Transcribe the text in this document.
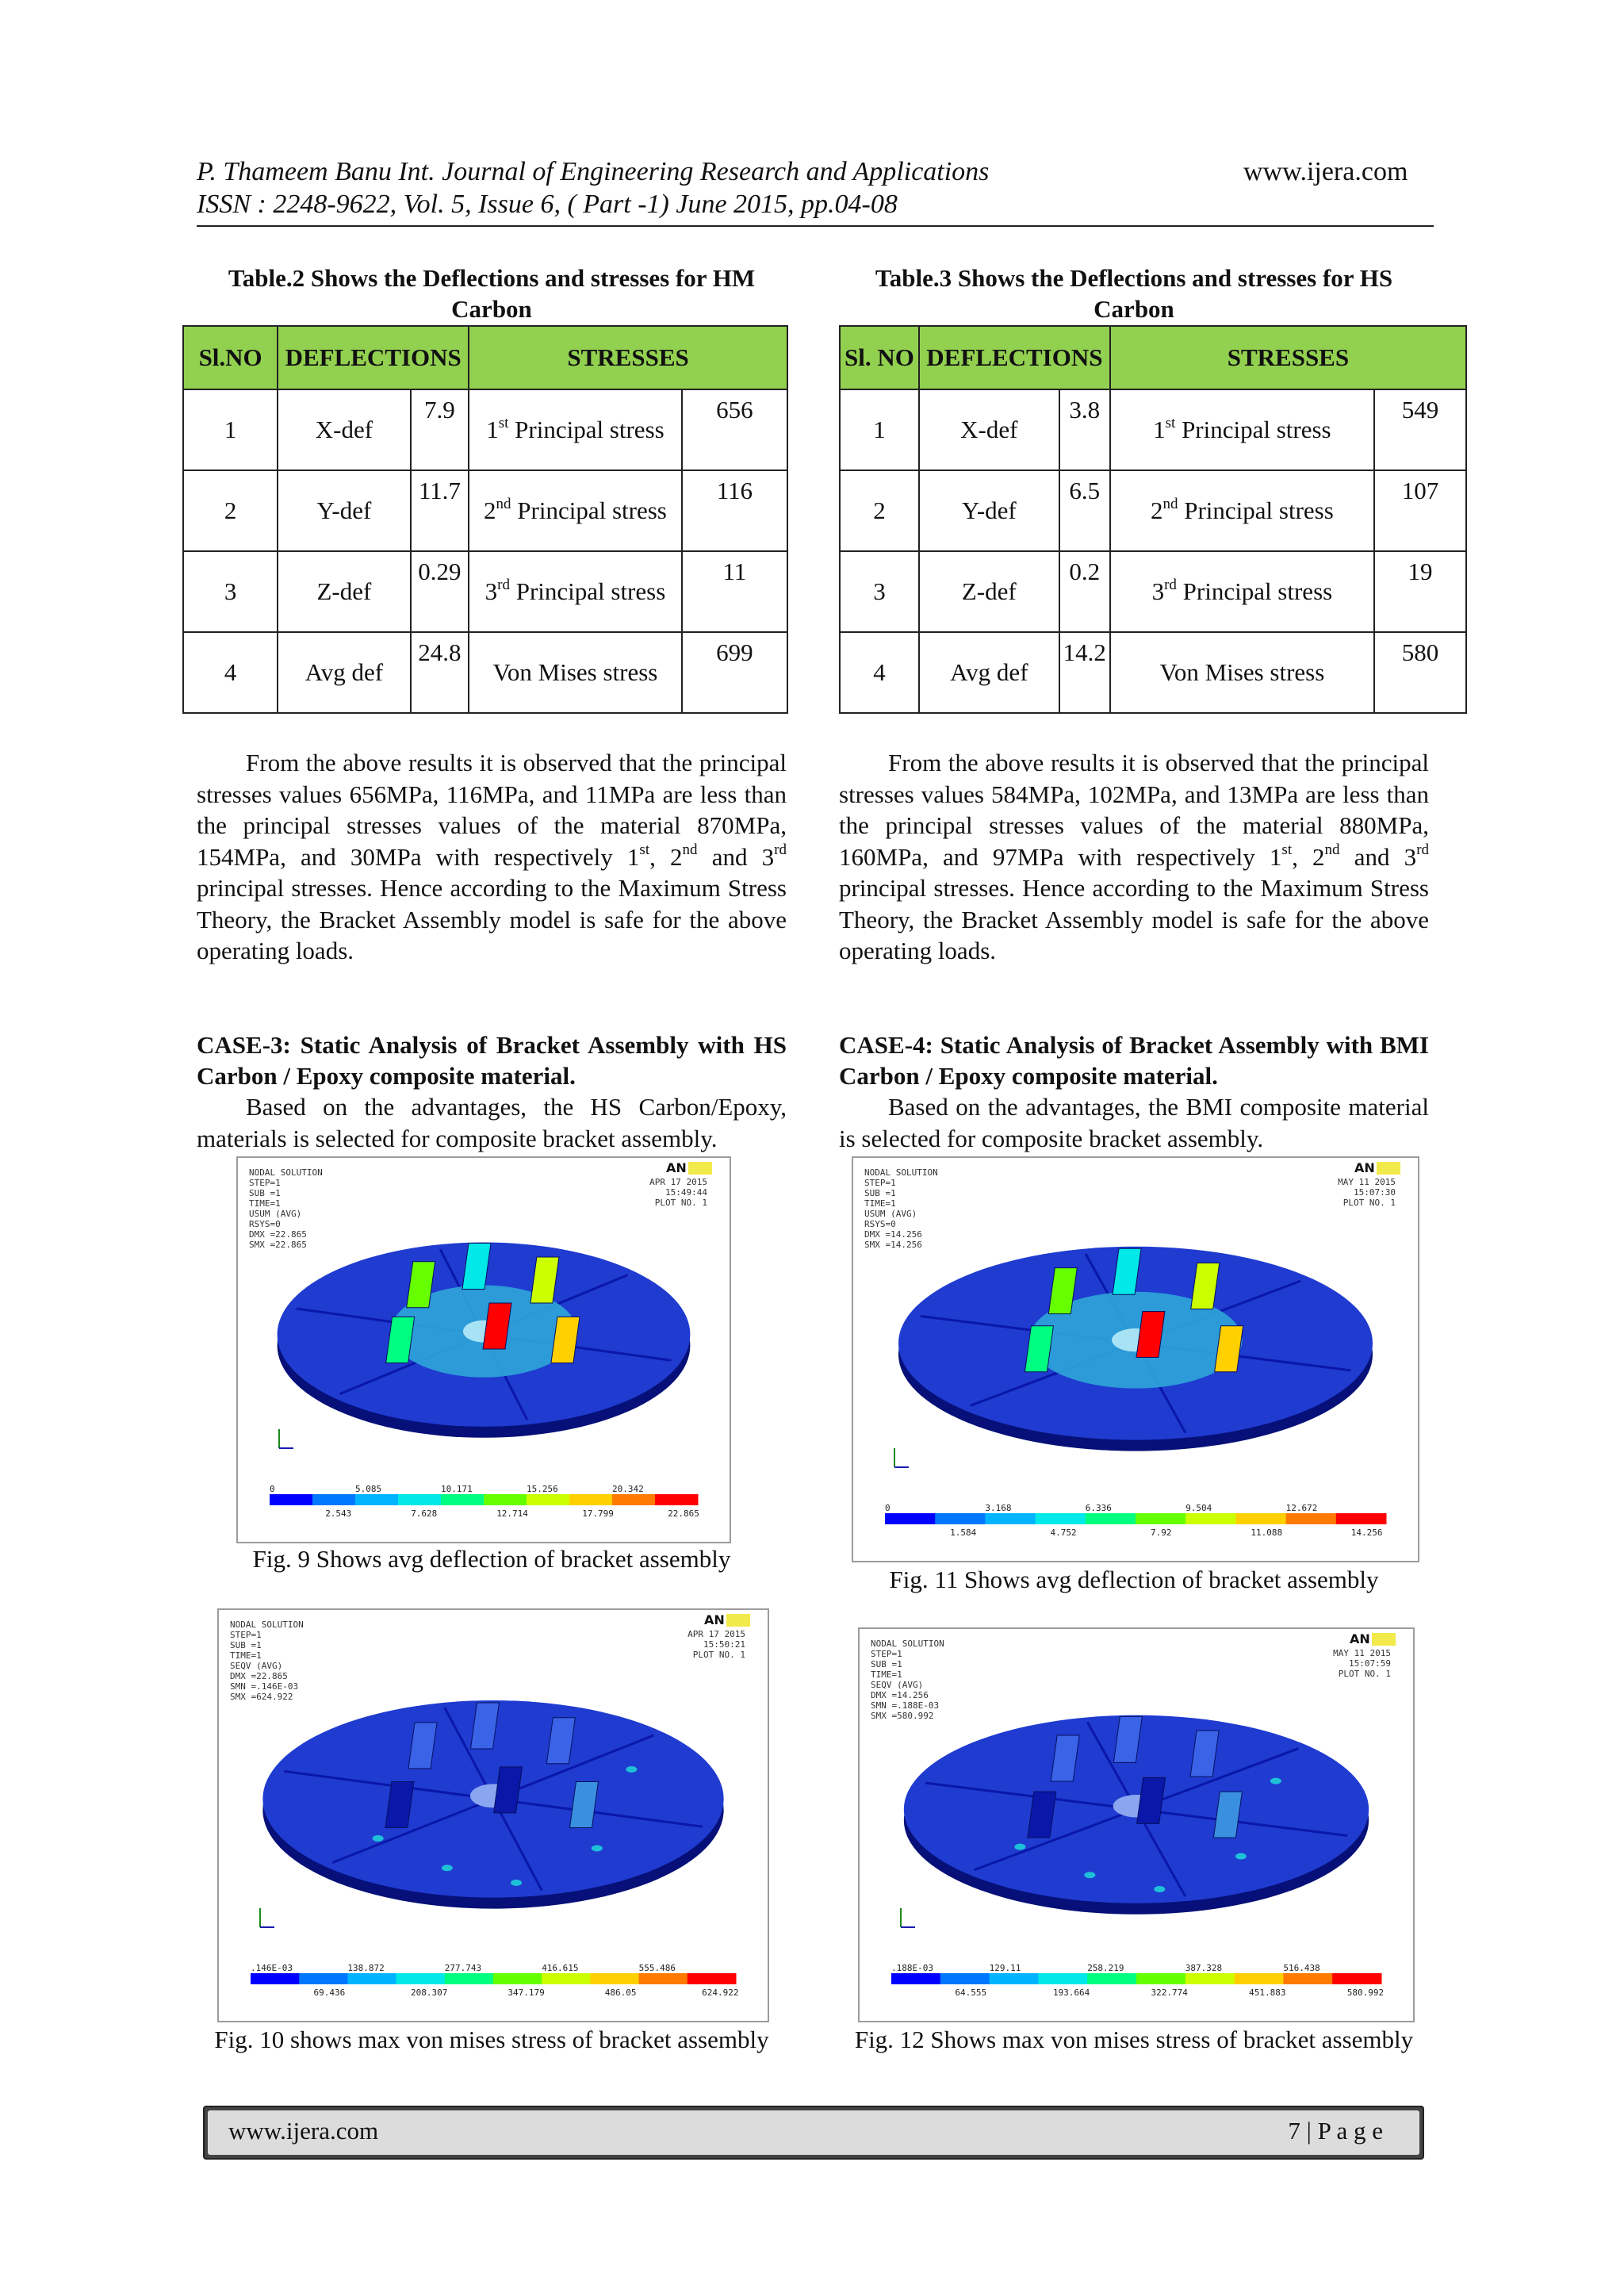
P. Thameem Banu Int. Journal of Engineering Research and Applications	www.ijera.com
ISSN : 2248-9622, Vol. 5, Issue 6, ( Part -1) June 2015, pp.04-08
Table.2 Shows the Deflections and stresses for HM Carbon
Table.3 Shows the Deflections and stresses for HS Carbon
Sl.NO	DEFLECTIONS		STRESSES	
1	X-def	7.9	1st Principal stress	656
2	Y-def	11.7	2nd Principal stress	116
3	Z-def	0.29	3rd Principal stress	11
4	Avg def	24.8	Von Mises stress	699
Sl. NO	DEFLECTIONS		STRESSES	
1	X-def	3.8	1st Principal stress	549
2	Y-def	6.5	2nd Principal stress	107
3	Z-def	0.2	3rd Principal stress	19
4	Avg def	14.2	Von Mises stress	580
From the above results it is observed that the principal stresses values 656MPa, 116MPa, and 11MPa are less than the principal stresses values of the material 870MPa, 154MPa, and 30MPa with respectively 1st, 2nd and 3rd principal stresses. Hence according to the Maximum Stress Theory, the Bracket Assembly model is safe for the above operating loads.
CASE-3: Static Analysis of Bracket Assembly with HS Carbon / Epoxy composite material.
Based on the advantages, the HS Carbon/Epoxy, materials is selected for composite bracket assembly.
From the above results it is observed that the principal stresses values 584MPa, 102MPa, and 13MPa are less than the principal stresses values of the material 880MPa, 160MPa, and 97MPa with respectively 1st, 2nd and 3rd principal stresses. Hence according to the Maximum Stress Theory, the Bracket Assembly model is safe for the above operating loads.
CASE-4: Static Analysis of Bracket Assembly with BMI Carbon / Epoxy composite material.
Based on the advantages, the BMI composite material is selected for composite bracket assembly.
NODAL SOLUTION
STEP=1
SUB =1
TIME=1
USUM (AVG)
RSYS=0
DMX =22.865
SMX =22.865
AN
APR 17 2015
15:49:44
PLOT NO. 1
0	5.085	10.171	15.256	20.342
2.543	7.628	12.714	17.799	22.865
Fig. 9 Shows avg deflection of bracket assembly
NODAL SOLUTION
STEP=1
SUB =1
TIME=1
USUM (AVG)
RSYS=0
DMX =14.256
SMX =14.256
AN
MAY 11 2015
15:07:30
PLOT NO. 1
0	3.168	6.336	9.504	12.672
1.584	4.752	7.92	11.088	14.256
Fig. 11 Shows avg deflection of bracket assembly
NODAL SOLUTION
STEP=1
SUB =1
TIME=1
SEQV (AVG)
DMX =22.865
SMN =.146E-03
SMX =624.922
AN
APR 17 2015
15:50:21
PLOT NO. 1
.146E-03	138.872	277.743	416.615	555.486
69.436	208.307	347.179	486.05	624.922
Fig. 10 shows max von mises stress of bracket assembly
NODAL SOLUTION
STEP=1
SUB =1
TIME=1
SEQV (AVG)
DMX =14.256
SMN =.188E-03
SMX =580.992
AN
MAY 11 2015
15:07:59
PLOT NO. 1
.188E-03	129.11	258.219	387.328	516.438
64.555	193.664	322.774	451.883	580.992
Fig. 12 Shows max von mises stress of bracket assembly
www.ijera.com	7 | P a g e
